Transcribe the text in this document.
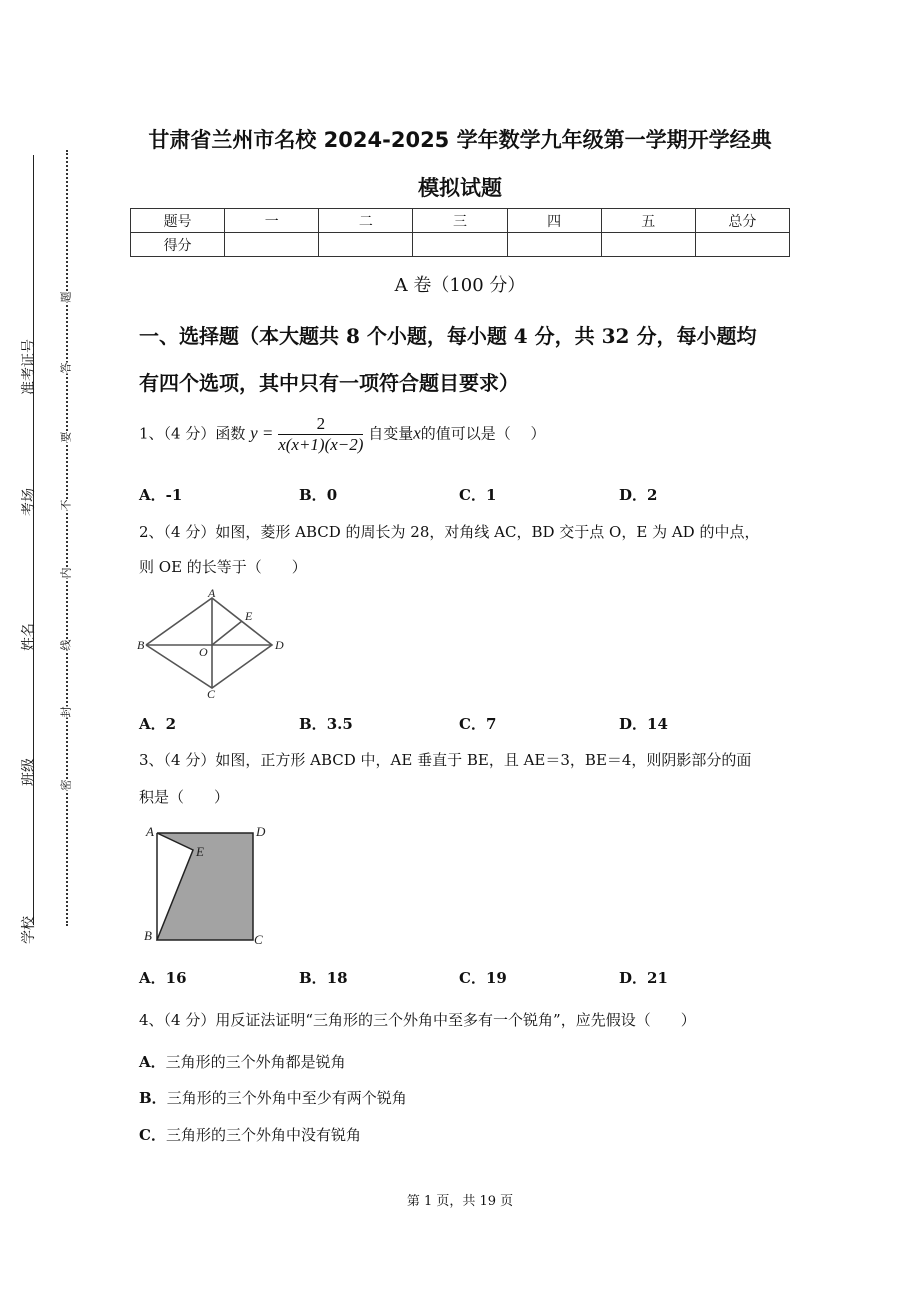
学校
班级
姓名
考场
准考证号
密
封
线
内
不
要
答
题
甘肃省兰州市名校 2024-2025 学年数学九年级第一学期开学经典
模拟试题
题号	一	二	三	四	五	总分
得分						
A 卷（100 分）
一、选择题（本大题共 8 个小题，每小题 4 分，共 32 分，每小题均
有四个选项，其中只有一项符合题目要求）
1、（4 分）函数 $y = \frac{2}{x(x+1)(x-2)}$ 自变量x的值可以是（　 ）
A．-1	B．0	C．1	D．2
2、（4 分）如图，菱形 ABCD 的周长为 28，对角线 AC，BD 交于点 O，E 为 AD 的中点，
则 OE 的长等于（　　）
A
B
C
D
E
O
A．2	B．3.5	C．7	D．14
3、（4 分）如图，正方形 ABCD 中，AE 垂直于 BE，且 AE＝3，BE＝4，则阴影部分的面
积是（　　）
A
B	C
D
E
A．16	B．18	C．19	D．21
4、（4 分）用反证法证明“三角形的三个外角中至多有一个锐角”，应先假设（　　）
A．三角形的三个外角都是锐角
B．三角形的三个外角中至少有两个锐角
C．三角形的三个外角中没有锐角
第 1 页，共 19 页
